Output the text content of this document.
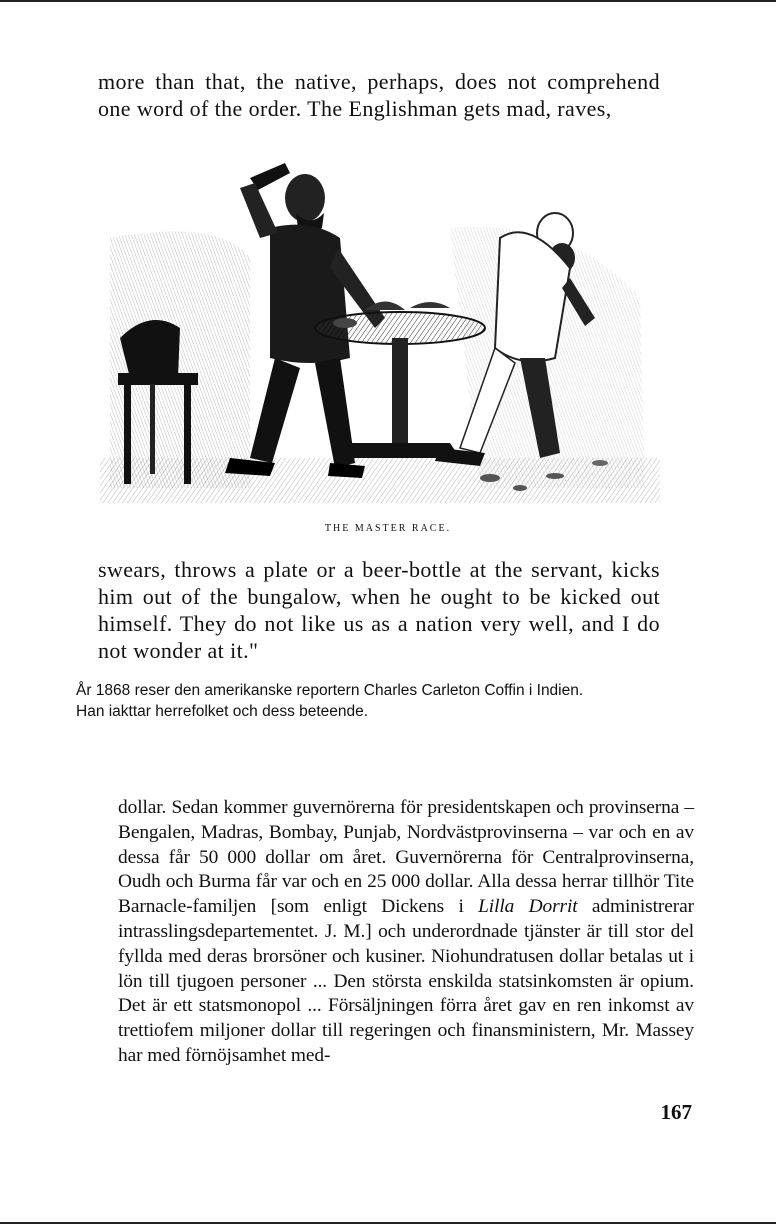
more than that, the native, perhaps, does not comprehend one word of the order. The Englishman gets mad, raves,

THE MASTER RACE.

swears, throws a plate or a beer-bottle at the servant, kicks him out of the bungalow, when he ought to be kicked out himself. They do not like us as a nation very well, and I do not wonder at it."

År 1868 reser den amerikanske reportern Charles Carleton Coffin i Indien.
Han iakttar herrefolket och dess beteende.

dollar. Sedan kommer guvernörerna för presidentskapen och provinserna – Bengalen, Madras, Bombay, Punjab, Nordvästprovinserna – var och en av dessa får 50 000 dollar om året. Guvernörerna för Centralprovinserna, Oudh och Burma får var och en 25 000 dollar. Alla dessa herrar tillhör Tite Barnacle-familjen [som enligt Dickens i Lilla Dorrit administrerar intrasslingsdepartementet. J. M.] och underordnade tjänster är till stor del fyllda med deras brorsöner och kusiner. Niohundratusen dollar betalas ut i lön till tjugoen personer ... Den största enskilda statsinkomsten är opium. Det är ett statsmonopol ... Försäljningen förra året gav en ren inkomst av trettiofem miljoner dollar till regeringen och finansministern, Mr. Massey har med förnöjsamhet med-

167
